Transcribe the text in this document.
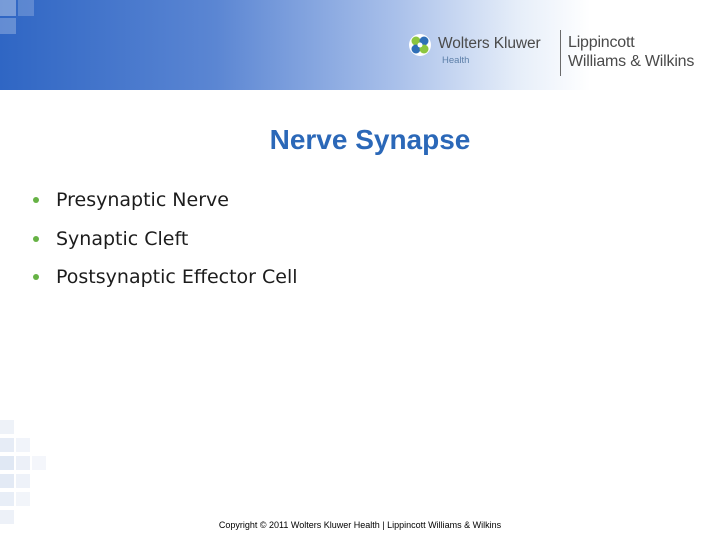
Wolters Kluwer
Health
Lippincott
Williams & Wilkins
Nerve Synapse
Presynaptic Nerve
Synaptic Cleft
Postsynaptic Effector Cell
Copyright © 2011 Wolters Kluwer Health | Lippincott Williams & Wilkins
